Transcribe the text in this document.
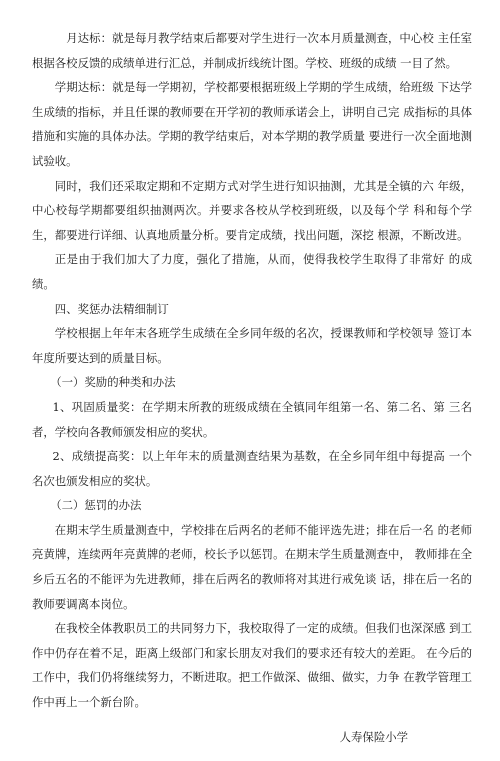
月达标：就是每月教学结束后都要对学生进行一次本月质量测查，中心校 主任室根据各校反馈的成绩单进行汇总，并制成折线统计图。学校、班级的成绩 一目了然。

学期达标：就是每一学期初，学校都要根据班级上学期的学生成绩，给班级 下达学生成绩的指标，并且任课的教师要在开学初的教师承诺会上，讲明自己完 成指标的具体措施和实施的具体办法。学期的教学结束后，对本学期的教学质量 要进行一次全面地测试验收。

同时，我们还采取定期和不定期方式对学生进行知识抽测，尤其是全镇的六 年级，中心校每学期都要组织抽测两次。并要求各校从学校到班级，以及每个学 科和每个学生，都要进行详细、认真地质量分析。要肯定成绩，找出问题，深挖 根源，不断改进。

正是由于我们加大了力度，强化了措施，从而，使得我校学生取得了非常好 的成绩。

四、奖惩办法精细制订

学校根据上年年末各班学生成绩在全乡同年级的名次，授课教师和学校领导 签订本年度所要达到的质量目标。

（一）奖励的种类和办法

1、巩固质量奖：在学期末所教的班级成绩在全镇同年组第一名、第二名、第 三名者，学校向各教师颁发相应的奖状。

2、成绩提高奖：以上年年末的质量测查结果为基数，在全乡同年组中每提高 一个名次也颁发相应的奖状。

（二）惩罚的办法

在期末学生质量测查中，学校排在后两名的老师不能评选先进；排在后一名 的老师亮黄牌，连续两年亮黄牌的老师，校长予以惩罚。在期末学生质量测查中， 教师排在全乡后五名的不能评为先进教师，排在后两名的教师将对其进行戒免谈 话，排在后一名的教师要调离本岗位。

在我校全体教职员工的共同努力下，我校取得了一定的成绩。但我们也深深感 到工作中仍存在着不足，距离上级部门和家长朋友对我们的要求还有较大的差距。 在今后的工作中，我们仍将继续努力，不断进取。把工作做深、做细、做实，力争 在教学管理工作中再上一个新台阶。

人寿保险小学
